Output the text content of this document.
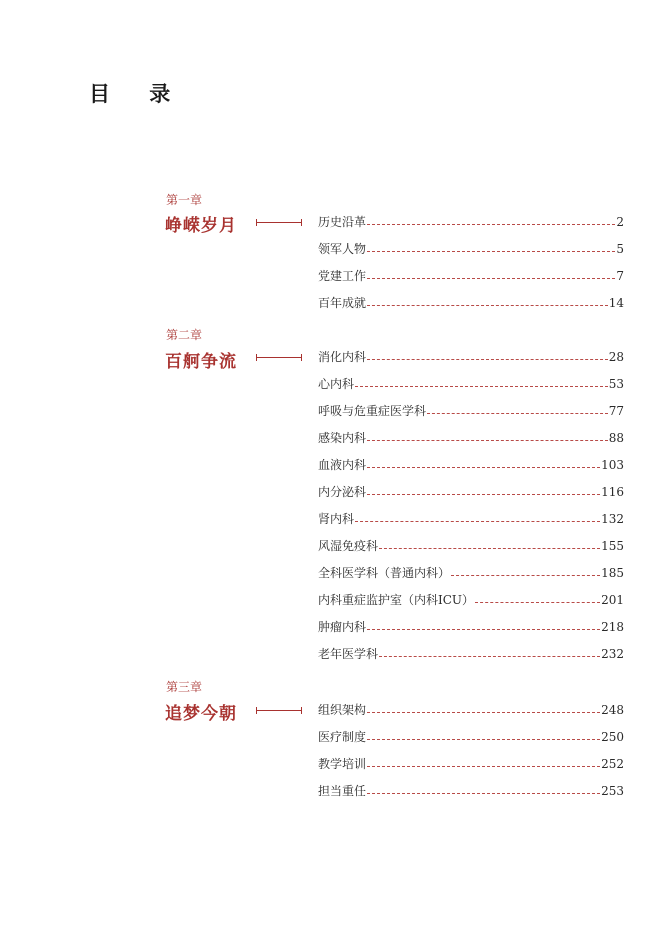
目 录
第一章
峥嵘岁月	历史沿革	2
领军人物	5
党建工作	7
百年成就	14
第二章
百舸争流	消化内科	28
心内科	53
呼吸与危重症医学科	77
感染内科	88
血液内科	103
内分泌科	116
肾内科	132
风湿免疫科	155
全科医学科（普通内科）	185
内科重症监护室（内科ICU）	201
肿瘤内科	218
老年医学科	232
第三章
追梦今朝	组织架构	248
医疗制度	250
教学培训	252
担当重任	253
